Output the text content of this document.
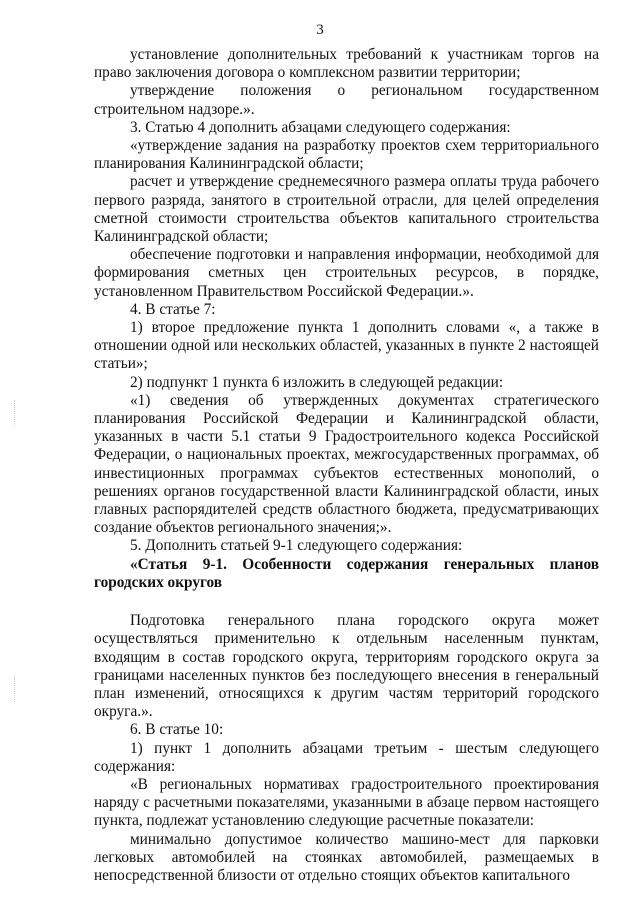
3

установление дополнительных требований к участникам торгов на право заключения договора о комплексном развитии территории;

утверждение положения о региональном государственном строительном надзоре.».

3. Статью 4 дополнить абзацами следующего содержания:

«утверждение задания на разработку проектов схем территориального планирования Калининградской области;

расчет и утверждение среднемесячного размера оплаты труда рабочего первого разряда, занятого в строительной отрасли, для целей определения сметной стоимости строительства объектов капитального строительства Калининградской области;

обеспечение подготовки и направления информации, необходимой для формирования сметных цен строительных ресурсов, в порядке, установленном Правительством Российской Федерации.».

4. В статье 7:

1) второе предложение пункта 1 дополнить словами «, а также в отношении одной или нескольких областей, указанных в пункте 2 настоящей статьи»;

2) подпункт 1 пункта 6 изложить в следующей редакции:

«1) сведения об утвержденных документах стратегического планирования Российской Федерации и Калининградской области, указанных в части 5.1 статьи 9 Градостроительного кодекса Российской Федерации, о национальных проектах, межгосударственных программах, об инвестиционных программах субъектов естественных монополий, о решениях органов государственной власти Калининградской области, иных главных распорядителей средств областного бюджета, предусматривающих создание объектов регионального значения;».

5. Дополнить статьей 9-1 следующего содержания:

«Статья 9-1. Особенности содержания генеральных планов городских округов

Подготовка генерального плана городского округа может осуществляться применительно к отдельным населенным пунктам, входящим в состав городского округа, территориям городского округа за границами населенных пунктов без последующего внесения в генеральный план изменений, относящихся к другим частям территорий городского округа.».

6. В статье 10:

1) пункт 1 дополнить абзацами третьим - шестым следующего содержания:

«В региональных нормативах градостроительного проектирования наряду с расчетными показателями, указанными в абзаце первом настоящего пункта, подлежат установлению следующие расчетные показатели:

минимально допустимое количество машино-мест для парковки легковых автомобилей на стоянках автомобилей, размещаемых в непосредственной близости от отдельно стоящих объектов капитального
